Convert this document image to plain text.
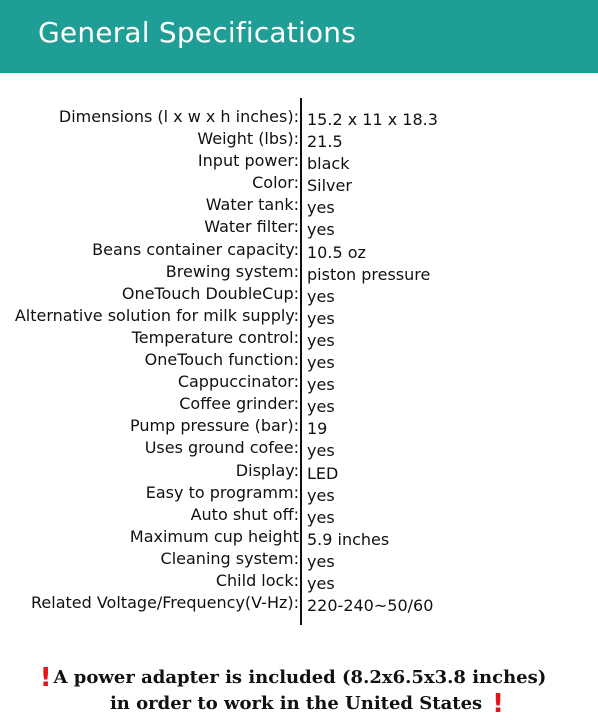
General Specifications
Dimensions (l x w x h inches): 15.2 x 11 x 18.3
Weight (lbs): 21.5
Input power: black
Color: Silver
Water tank: yes
Water filter: yes
Beans container capacity: 10.5 oz
Brewing system: piston pressure
OneTouch DoubleCup: yes
Alternative solution for milk supply: yes
Temperature control: yes
OneTouch function: yes
Cappuccinator: yes
Coffee grinder: yes
Pump pressure (bar): 19
Uses ground cofee: yes
Display: LED
Easy to programm: yes
Auto shut off: yes
Maximum cup height 5.9 inches
Cleaning system: yes
Child lock: yes
Related Voltage/Frequency(V-Hz): 220-240~50/60
! A power adapter is included (8.2x6.5x3.8 inches)
in order to work in the United States !
